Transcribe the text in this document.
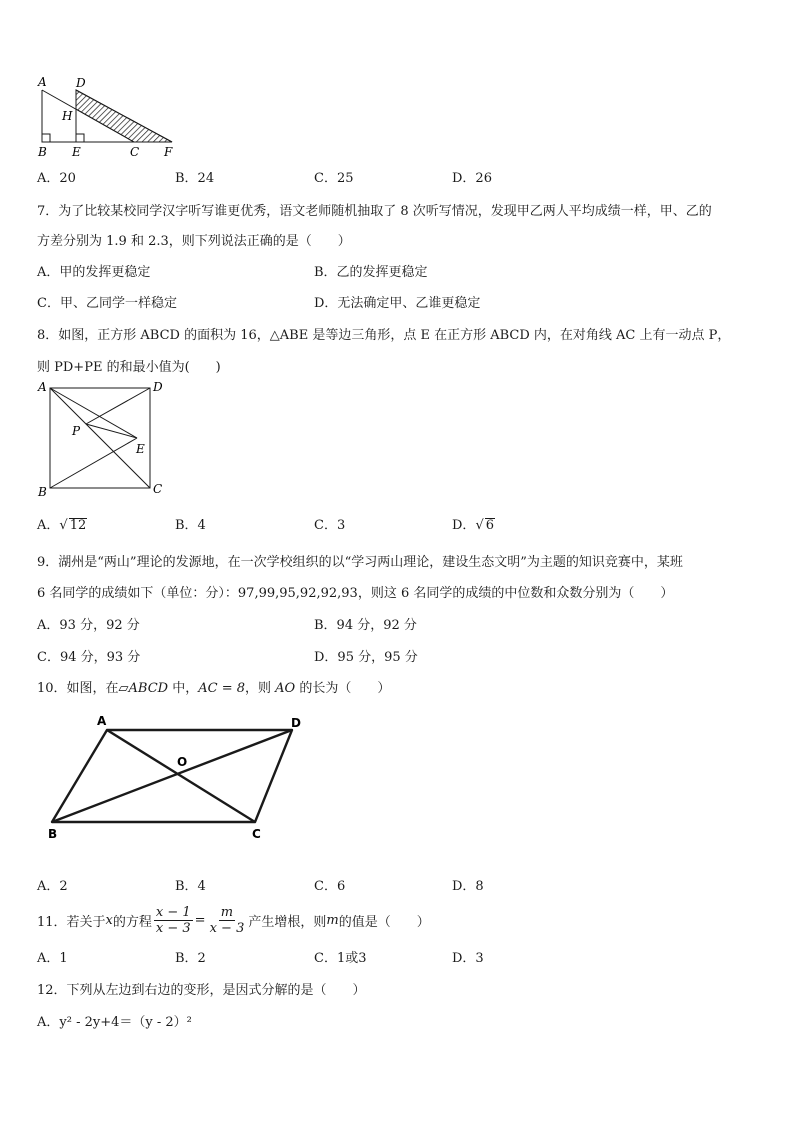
A D
H
B E	C F
A．20	B．24	C．25	D．26
7．为了比较某校同学汉字听写谁更优秀，语文老师随机抽取了 8 次听写情况，发现甲乙两人平均成绩一样，甲、乙的
方差分别为 1.9 和 2.3，则下列说法正确的是（　　）
A．甲的发挥更稳定	B．乙的发挥更稳定
C．甲、乙同学一样稳定	D．无法确定甲、乙谁更稳定
8．如图，正方形 ABCD 的面积为 16，△ABE 是等边三角形，点 E 在正方形 ABCD 内，在对角线 AC 上有一动点 P，
则 PD+PE 的和最小值为(　　)
A	D
P
E
B	C
A．√ 12	B．4	C．3	D．√ 6
9．湖州是“两山”理论的发源地，在一次学校组织的以“学习两山理论，建设生态文明”为主题的知识竞赛中，某班
6 名同学的成绩如下（单位：分）：97,99,95,92,92,93，则这 6 名同学的成绩的中位数和众数分别为（　　）
A．93 分，92 分	B．94 分，92 分
C．94 分，93 分	D．95 分，95 分
10．如图，在▱ABCD 中，AC = 8，则 AO 的长为（　　）
A	D
O
B	C
A．2	B．4	C．6	D．8
11．若关于 x 的方程 $\frac{x - 1}{x - 3} = \frac{m}{x - 3}$ 产生增根，则 m 的值是（　　）
A．1	B．2	C．1或3	D．3
12．下列从左边到右边的变形，是因式分解的是（　　）
A．y² - 2y+4＝（y - 2）²
